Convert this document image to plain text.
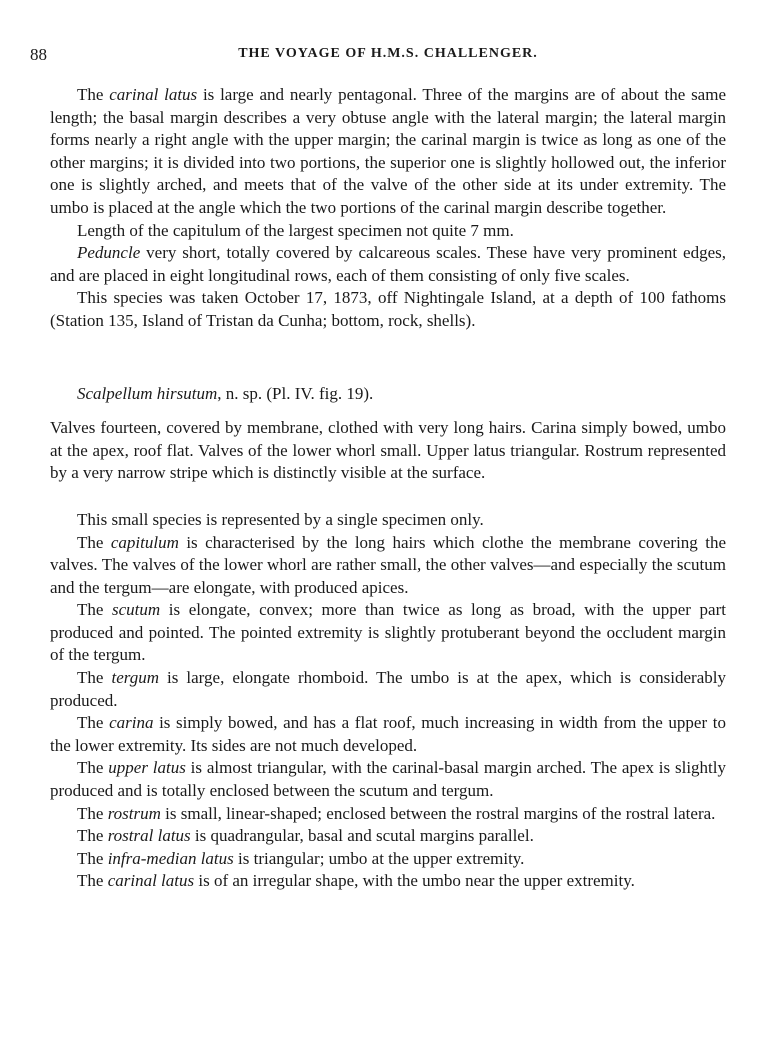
88	THE VOYAGE OF H.M.S. CHALLENGER.

The carinal latus is large and nearly pentagonal. Three of the margins are of about the same length; the basal margin describes a very obtuse angle with the lateral margin; the lateral margin forms nearly a right angle with the upper margin; the carinal margin is twice as long as one of the other margins; it is divided into two portions, the superior one is slightly hollowed out, the inferior one is slightly arched, and meets that of the valve of the other side at its under extremity. The umbo is placed at the angle which the two portions of the carinal margin describe together.

Length of the capitulum of the largest specimen not quite 7 mm.

Peduncle very short, totally covered by calcareous scales. These have very prominent edges, and are placed in eight longitudinal rows, each of them consisting of only five scales.

This species was taken October 17, 1873, off Nightingale Island, at a depth of 100 fathoms (Station 135, Island of Tristan da Cunha; bottom, rock, shells).

Scalpellum hirsutum, n. sp. (Pl. IV. fig. 19).

Valves fourteen, covered by membrane, clothed with very long hairs. Carina simply bowed, umbo at the apex, roof flat. Valves of the lower whorl small. Upper latus triangular. Rostrum represented by a very narrow stripe which is distinctly visible at the surface.

This small species is represented by a single specimen only.

The capitulum is characterised by the long hairs which clothe the membrane covering the valves. The valves of the lower whorl are rather small, the other valves—and especially the scutum and the tergum—are elongate, with produced apices.

The scutum is elongate, convex; more than twice as long as broad, with the upper part produced and pointed. The pointed extremity is slightly protuberant beyond the occludent margin of the tergum.

The tergum is large, elongate rhomboid. The umbo is at the apex, which is considerably produced.

The carina is simply bowed, and has a flat roof, much increasing in width from the upper to the lower extremity. Its sides are not much developed.

The upper latus is almost triangular, with the carinal-basal margin arched. The apex is slightly produced and is totally enclosed between the scutum and tergum.

The rostrum is small, linear-shaped; enclosed between the rostral margins of the rostral latera.

The rostral latus is quadrangular, basal and scutal margins parallel.

The infra-median latus is triangular; umbo at the upper extremity.

The carinal latus is of an irregular shape, with the umbo near the upper extremity.
